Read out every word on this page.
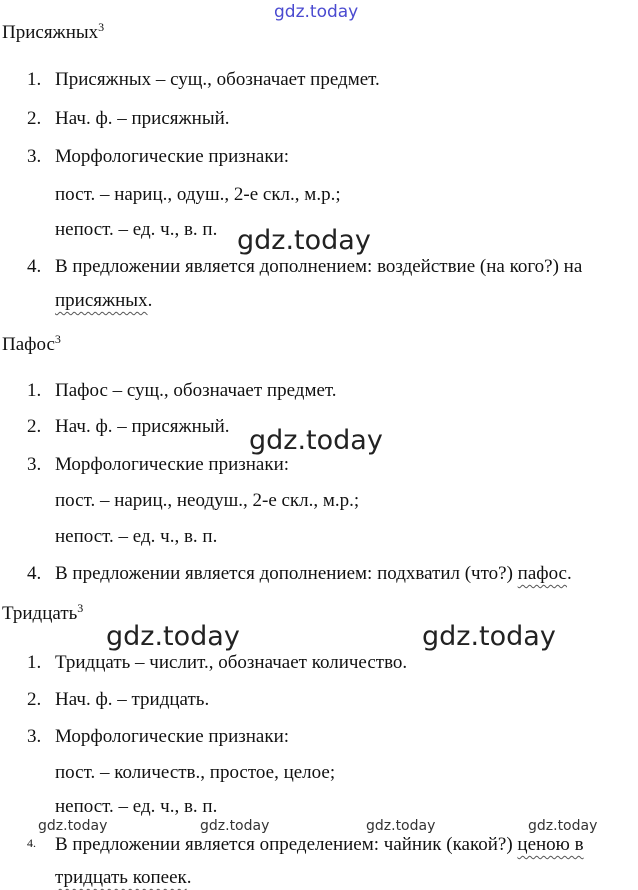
gdz.today
Присяжных$^3$
1. Присяжных – сущ., обозначает предмет.
2. Нач. ф. – присяжный.
3. Морфологические признаки:
пост. – нариц., одуш., 2-е скл., м.р.;
непост. – ед. ч., в. п. gdz.today
4. В предложении является дополнением: воздействие (на кого?) на
присяжных.
Пафос$^3$
1. Пафос – сущ., обозначает предмет.
2. Нач. ф. – присяжный. gdz.today
3. Морфологические признаки:
пост. – нариц., неодуш., 2-е скл., м.р.;
непост. – ед. ч., в. п.
4. В предложении является дополнением: подхватил (что?) пафос.
Тридцать$^3$
gdz.today	gdz.today
1. Тридцать – числит., обозначает количество.
2. Нач. ф. – тридцать.
3. Морфологические признаки:
пост. – количеств., простое, целое;
непост. – ед. ч., в. п.
gdz.today	gdz.today	gdz.today	gdz.today
4. В предложении является определением: чайник (какой?) ценою в
тридцать копеек.
